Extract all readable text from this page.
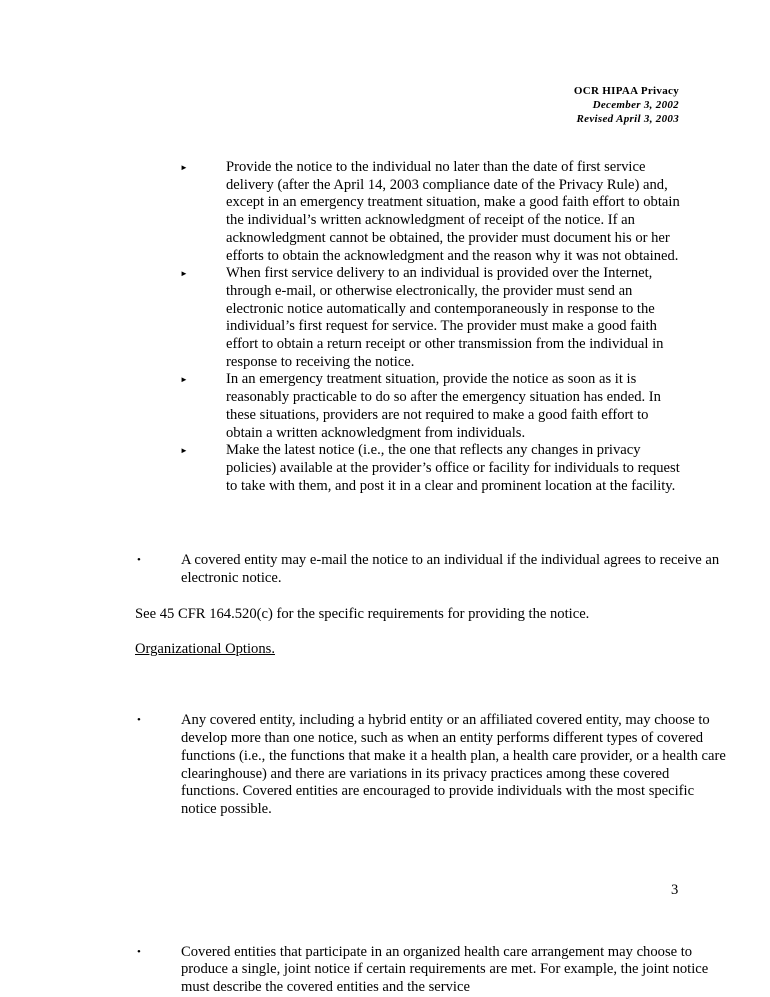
OCR HIPAA Privacy
December 3, 2002
Revised April 3, 2003
►	Provide the notice to the individual no later than the date of first service delivery (after the April 14, 2003 compliance date of the Privacy Rule) and, except in an emergency treatment situation, make a good faith effort to obtain the individual’s written acknowledgment of receipt of the notice. If an acknowledgment cannot be obtained, the provider must document his or her efforts to obtain the acknowledgment and the reason why it was not obtained.
►	When first service delivery to an individual is provided over the Internet, through e-mail, or otherwise electronically, the provider must send an electronic notice automatically and contemporaneously in response to the individual’s first request for service. The provider must make a good faith effort to obtain a return receipt or other transmission from the individual in response to receiving the notice.
►	In an emergency treatment situation, provide the notice as soon as it is reasonably practicable to do so after the emergency situation has ended. In these situations, providers are not required to make a good faith effort to obtain a written acknowledgment from individuals.
►	Make the latest notice (i.e., the one that reflects any changes in privacy policies) available at the provider’s office or facility for individuals to request to take with them, and post it in a clear and prominent location at the facility.
•	A covered entity may e-mail the notice to an individual if the individual agrees to receive an electronic notice.
See 45 CFR 164.520(c) for the specific requirements for providing the notice.
Organizational Options.
•	Any covered entity, including a hybrid entity or an affiliated covered entity, may choose to develop more than one notice, such as when an entity performs different types of covered functions (i.e., the functions that make it a health plan, a health care provider, or a health care clearinghouse) and there are variations in its privacy practices among these covered functions. Covered entities are encouraged to provide individuals with the most specific notice possible.
•	Covered entities that participate in an organized health care arrangement may choose to produce a single, joint notice if certain requirements are met. For example, the joint notice must describe the covered entities and the service
3
